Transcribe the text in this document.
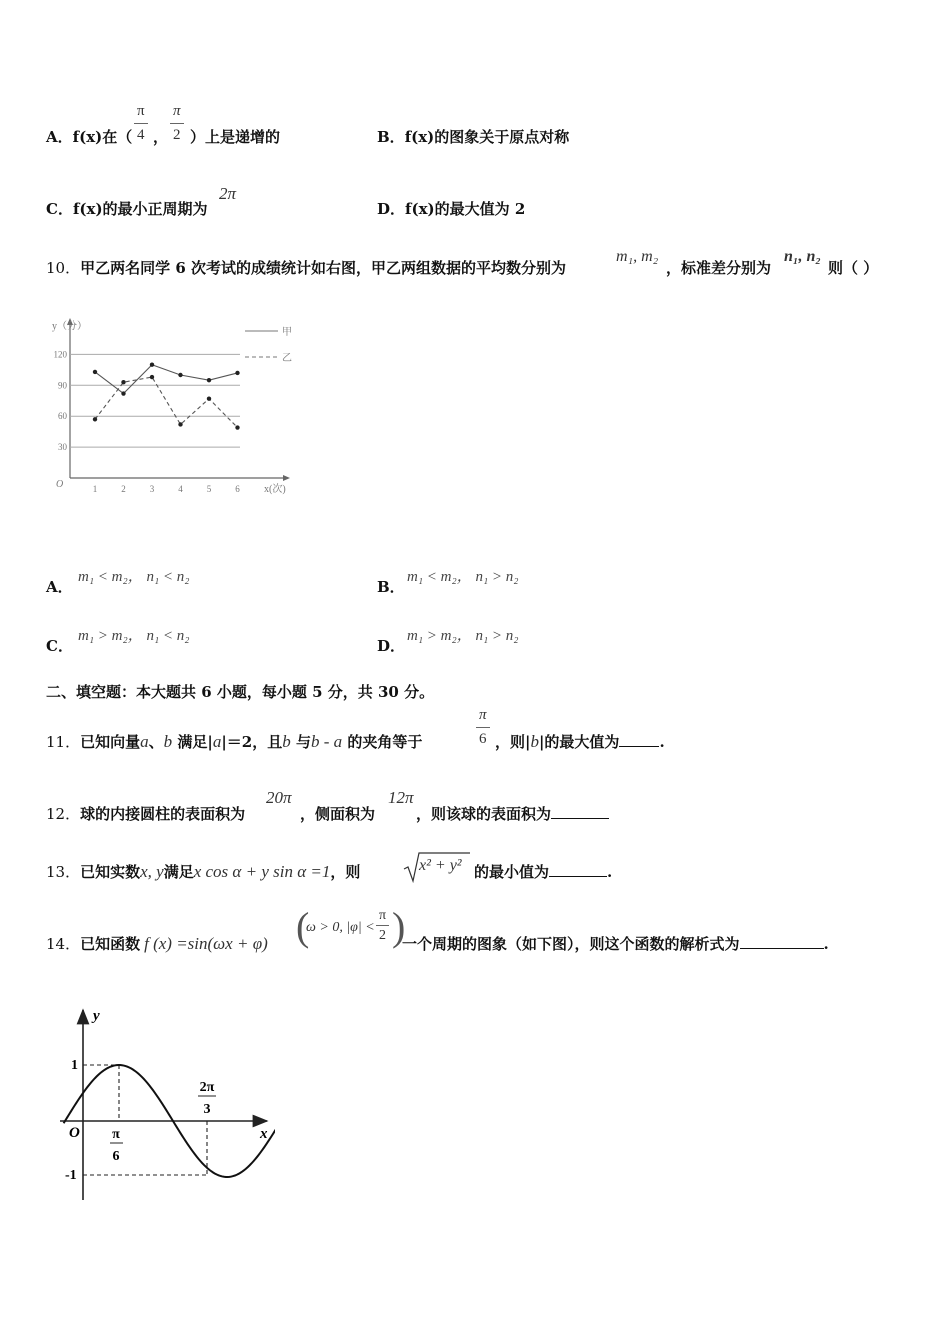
A．f(x)在（ $\frac{\pi}{4}$ ， $\frac{\pi}{2}$ ）上是递增的	B．f(x)的图象关于原点对称
C．f(x)的最小正周期为
2π
D．f(x)的最大值为 2
10．甲乙两名同学 6 次考试的成绩统计如右图，甲乙两组数据的平均数分别为
m₁, m₂
，标准差分别为
n₁, n₂
则（ ）
y（分）
x(次)
O
120
90
60
30
1	2	3	4	5	6
甲
乙
A．
m₁ < m₂， n₁ < n₂
B．
m₁ < m₂， n₁ > n₂
C．
m₁ > m₂， n₁ < n₂
D．
m₁ > m₂， n₁ > n₂
二、填空题：本大题共 6 小题，每小题 5 分，共 30 分。
11．已知向量a、b 满足|a|＝2，且b 与b - a 的夹角等于	$\frac{\pi}{6}$ ，则|b|的最大值为	.
12．球的内接圆柱的表面积为
20π
，侧面积为
12π
，则该球的表面积为
13．已知实数x, y满足x cos α + y sin α =1，则	x² + y² 的最小值为	.
14．已知函数 f (x) =sin(ωx + φ) (
ω > 0, $|\varphi| < \frac{\pi}{2}$ )
一个周期的图象（如下图），则这个函数的解析式为	.
y
x
O
1
-1
π
6
2π
3
